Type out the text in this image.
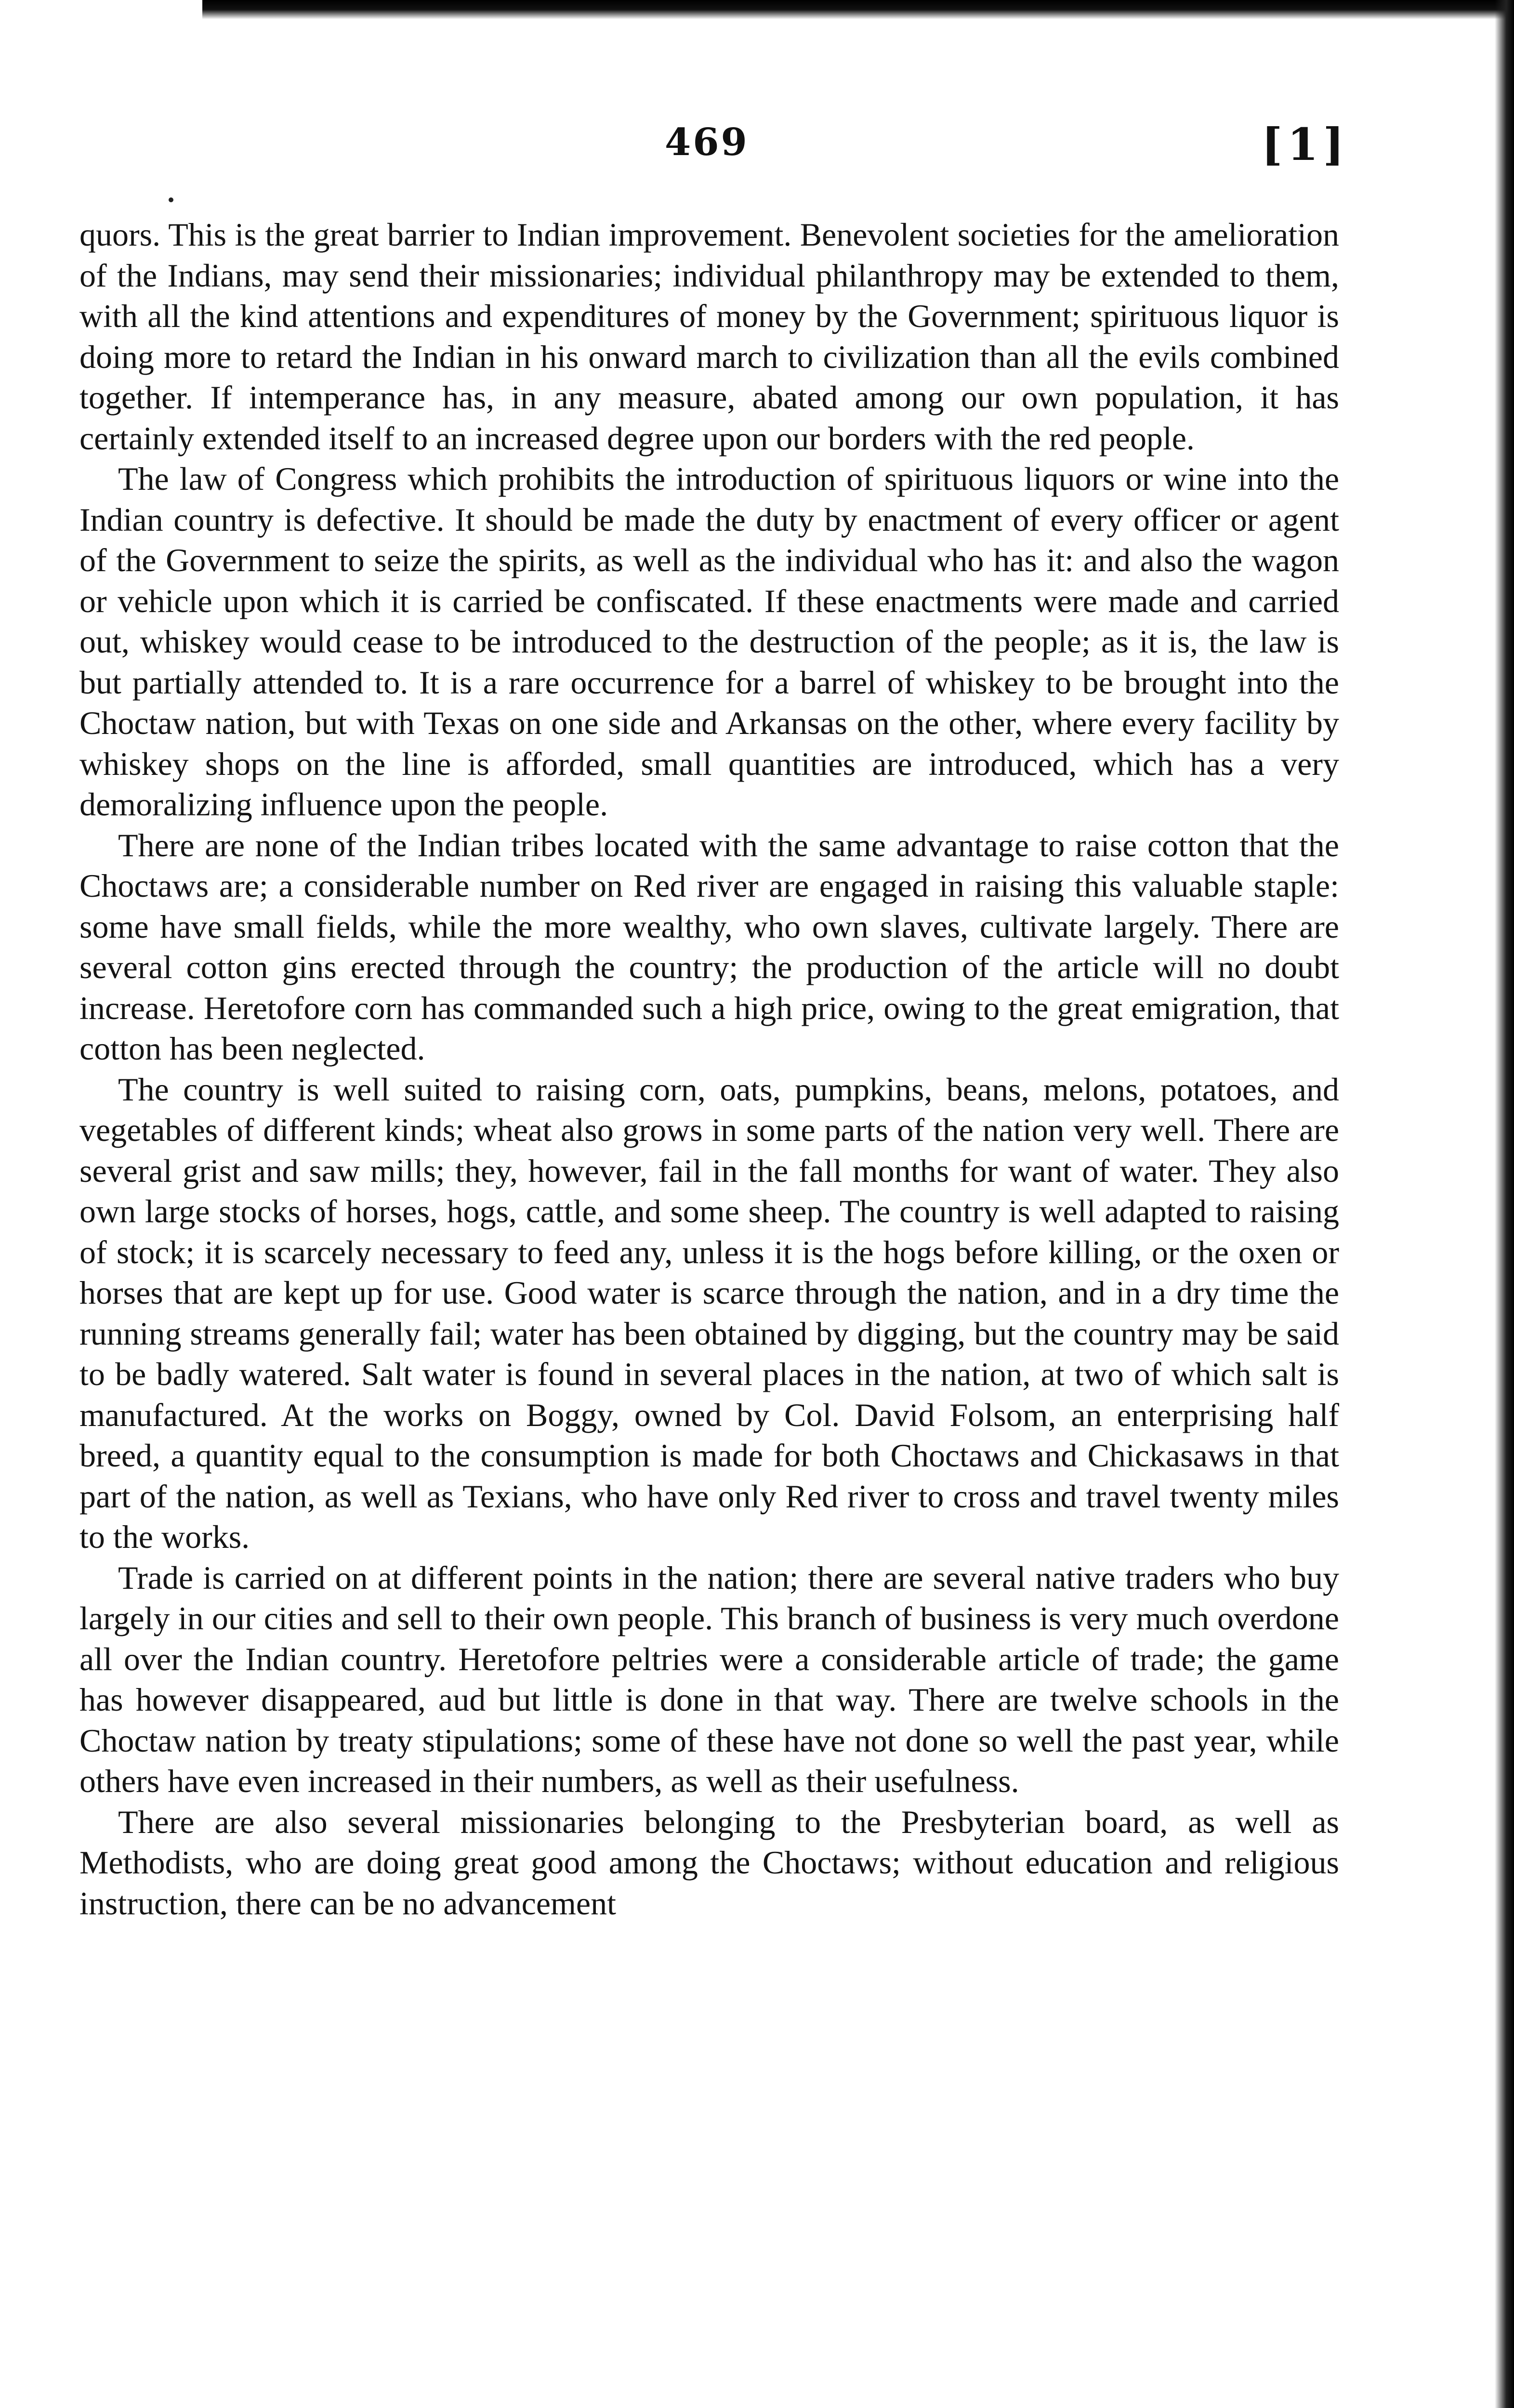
469	[1]

quors. This is the great barrier to Indian improvement. Benevolent societies for the amelioration of the Indians, may send their missionaries; individual philanthropy may be extended to them, with all the kind attentions and expenditures of money by the Government; spirituous liquor is doing more to retard the Indian in his onward march to civilization than all the evils combined together. If intemperance has, in any measure, abated among our own population, it has certainly extended itself to an increased degree upon our borders with the red people.

The law of Congress which prohibits the introduction of spirituous liquors or wine into the Indian country is defective. It should be made the duty by enactment of every officer or agent of the Government to seize the spirits, as well as the individual who has it: and also the wagon or vehicle upon which it is carried be confiscated. If these enactments were made and carried out, whiskey would cease to be introduced to the destruction of the people; as it is, the law is but partially attended to. It is a rare occurrence for a barrel of whiskey to be brought into the Choctaw nation, but with Texas on one side and Arkansas on the other, where every facility by whiskey shops on the line is afforded, small quantities are introduced, which has a very demoralizing influence upon the people.

There are none of the Indian tribes located with the same advantage to raise cotton that the Choctaws are; a considerable number on Red river are engaged in raising this valuable staple: some have small fields, while the more wealthy, who own slaves, cultivate largely. There are several cotton gins erected through the country; the production of the article will no doubt increase. Heretofore corn has commanded such a high price, owing to the great emigration, that cotton has been neglected.

The country is well suited to raising corn, oats, pumpkins, beans, melons, potatoes, and vegetables of different kinds; wheat also grows in some parts of the nation very well. There are several grist and saw mills; they, however, fail in the fall months for want of water. They also own large stocks of horses, hogs, cattle, and some sheep. The country is well adapted to raising of stock; it is scarcely necessary to feed any, unless it is the hogs before killing, or the oxen or horses that are kept up for use. Good water is scarce through the nation, and in a dry time the running streams generally fail; water has been obtained by digging, but the country may be said to be badly watered. Salt water is found in several places in the nation, at two of which salt is manufactured. At the works on Boggy, owned by Col. David Folsom, an enterprising half breed, a quantity equal to the consumption is made for both Choctaws and Chickasaws in that part of the nation, as well as Texians, who have only Red river to cross and travel twenty miles to the works.

Trade is carried on at different points in the nation; there are several native traders who buy largely in our cities and sell to their own people. This branch of business is very much overdone all over the Indian country. Heretofore peltries were a considerable article of trade; the game has however disappeared, aud but little is done in that way. There are twelve schools in the Choctaw nation by treaty stipulations; some of these have not done so well the past year, while others have even increased in their numbers, as well as their usefulness.

There are also several missionaries belonging to the Presbyterian board, as well as Methodists, who are doing great good among the Choctaws; without education and religious instruction, there can be no advancement
